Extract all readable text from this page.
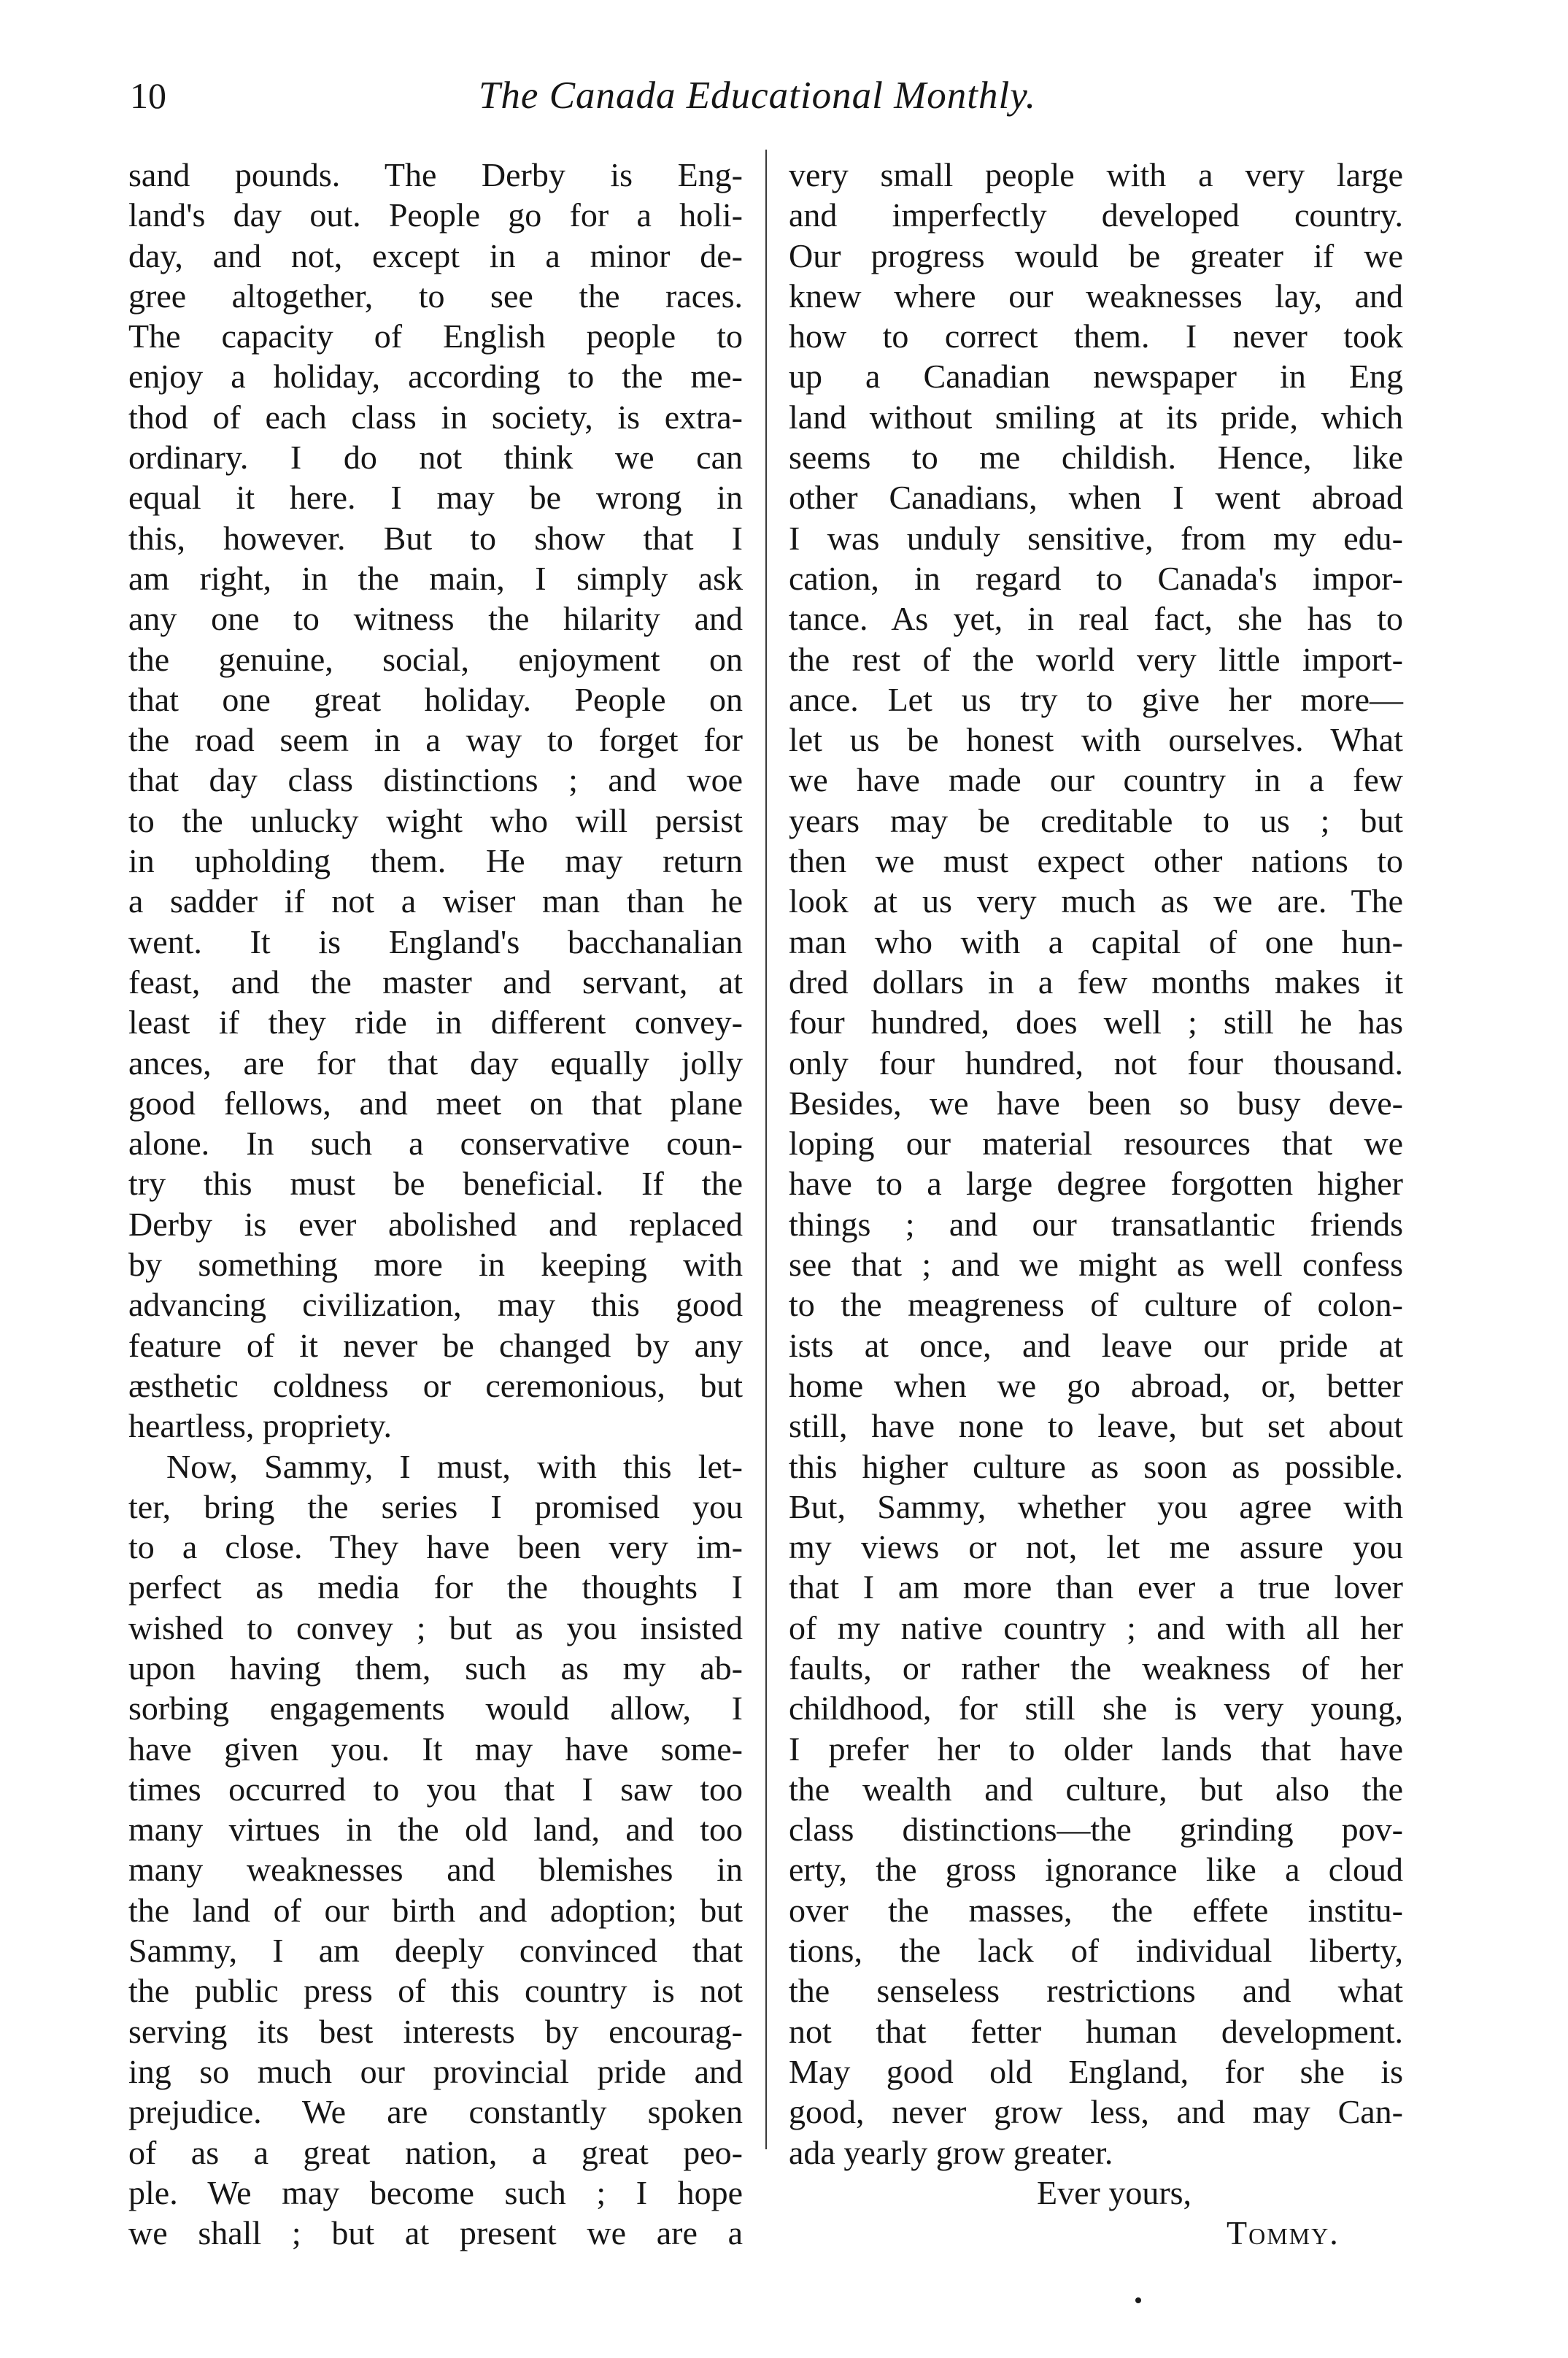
10	The Canada Educational Monthly.
sand pounds. The Derby is Eng-
land's day out. People go for a holi-
day, and not, except in a minor de-
gree altogether, to see the races.
The capacity of English people to
enjoy a holiday, according to the me-
thod of each class in society, is extra-
ordinary. I do not think we can
equal it here. I may be wrong in
this, however. But to show that I
am right, in the main, I simply ask
any one to witness the hilarity and
the genuine, social, enjoyment on
that one great holiday. People on
the road seem in a way to forget for
that day class distinctions ; and woe
to the unlucky wight who will persist
in upholding them. He may return
a sadder if not a wiser man than he
went. It is England's bacchanalian
feast, and the master and servant, at
least if they ride in different convey-
ances, are for that day equally jolly
good fellows, and meet on that plane
alone. In such a conservative coun-
try this must be beneficial. If the
Derby is ever abolished and replaced
by something more in keeping with
advancing civilization, may this good
feature of it never be changed by any
æsthetic coldness or ceremonious, but
heartless, propriety.
Now, Sammy, I must, with this let-
ter, bring the series I promised you
to a close. They have been very im-
perfect as media for the thoughts I
wished to convey ; but as you insisted
upon having them, such as my ab-
sorbing engagements would allow, I
have given you. It may have some-
times occurred to you that I saw too
many virtues in the old land, and too
many weaknesses and blemishes in
the land of our birth and adoption; but
Sammy, I am deeply convinced that
the public press of this country is not
serving its best interests by encourag-
ing so much our provincial pride and
prejudice. We are constantly spoken
of as a great nation, a great peo-
ple. We may become such ; I hope
we shall ; but at present we are a
very small people with a very large
and imperfectly developed country.
Our progress would be greater if we
knew where our weaknesses lay, and
how to correct them. I never took
up a Canadian newspaper in Eng
land without smiling at its pride, which
seems to me childish. Hence, like
other Canadians, when I went abroad
I was unduly sensitive, from my edu-
cation, in regard to Canada's impor-
tance. As yet, in real fact, she has to
the rest of the world very little import-
ance. Let us try to give her more—
let us be honest with ourselves. What
we have made our country in a few
years may be creditable to us ; but
then we must expect other nations to
look at us very much as we are. The
man who with a capital of one hun-
dred dollars in a few months makes it
four hundred, does well ; still he has
only four hundred, not four thousand.
Besides, we have been so busy deve-
loping our material resources that we
have to a large degree forgotten higher
things ; and our transatlantic friends
see that ; and we might as well confess
to the meagreness of culture of colon-
ists at once, and leave our pride at
home when we go abroad, or, better
still, have none to leave, but set about
this higher culture as soon as possible.
But, Sammy, whether you agree with
my views or not, let me assure you
that I am more than ever a true lover
of my native country ; and with all her
faults, or rather the weakness of her
childhood, for still she is very young,
I prefer her to older lands that have
the wealth and culture, but also the
class distinctions—the grinding pov-
erty, the gross ignorance like a cloud
over the masses, the effete institu-
tions, the lack of individual liberty,
the senseless restrictions and what
not that fetter human development.
May good old England, for she is
good, never grow less, and may Can-
ada yearly grow greater.
Ever yours,
Tommy.
